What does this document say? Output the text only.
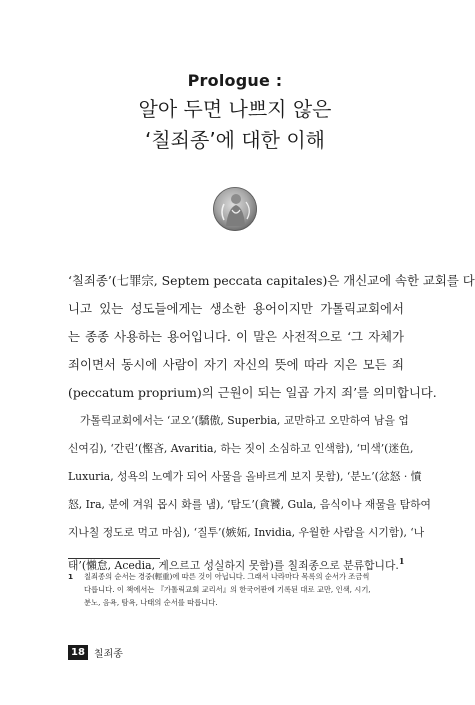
Prologue :
알아 두면 나쁘지 않은
‘칠죄종’에 대한 이해
‘칠죄종’(七罪宗, Septem peccata capitales)은 개신교에 속한 교회를 다
니고 있는 성도들에게는 생소한 용어이지만 가톨릭교회에서
는 종종 사용하는 용어입니다. 이 말은 사전적으로 ‘그 자체가
죄이면서 동시에 사람이 자기 자신의 뜻에 따라 지은 모든 죄
(peccatum proprium)의 근원이 되는 일곱 가지 죄’를 의미합니다.
가톨릭교회에서는 ‘교오’(驕傲, Superbia, 교만하고 오만하여 남을 업
신여김), ‘간린’(慳吝, Avaritia, 하는 짓이 소심하고 인색함), ‘미색’(迷色,
Luxuria, 성욕의 노예가 되어 사물을 올바르게 보지 못함), ‘분노’(忿怒 · 憤
怒, Ira, 분에 겨워 몹시 화를 냄), ‘탐도’(貪饕, Gula, 음식이나 재물을 탐하여
지나칠 정도로 먹고 마심), ‘질투’(嫉妬, Invidia, 우월한 사람을 시기함), ‘나
태’(懶怠, Acedia, 게으르고 성실하지 못함)를 칠죄종으로 분류합니다.$^1$
1 칠죄종의 순서는 경중(輕重)에 따른 것이 아닙니다. 그래서 나라마다 목록의 순서가 조금씩
다릅니다. 이 책에서는 『가톨릭교회 교리서』의 한국어판에 기록된 대로 교만, 인색, 시기,
분노, 음욕, 탐욕, 나태의 순서를 따릅니다.
18 칠죄종
